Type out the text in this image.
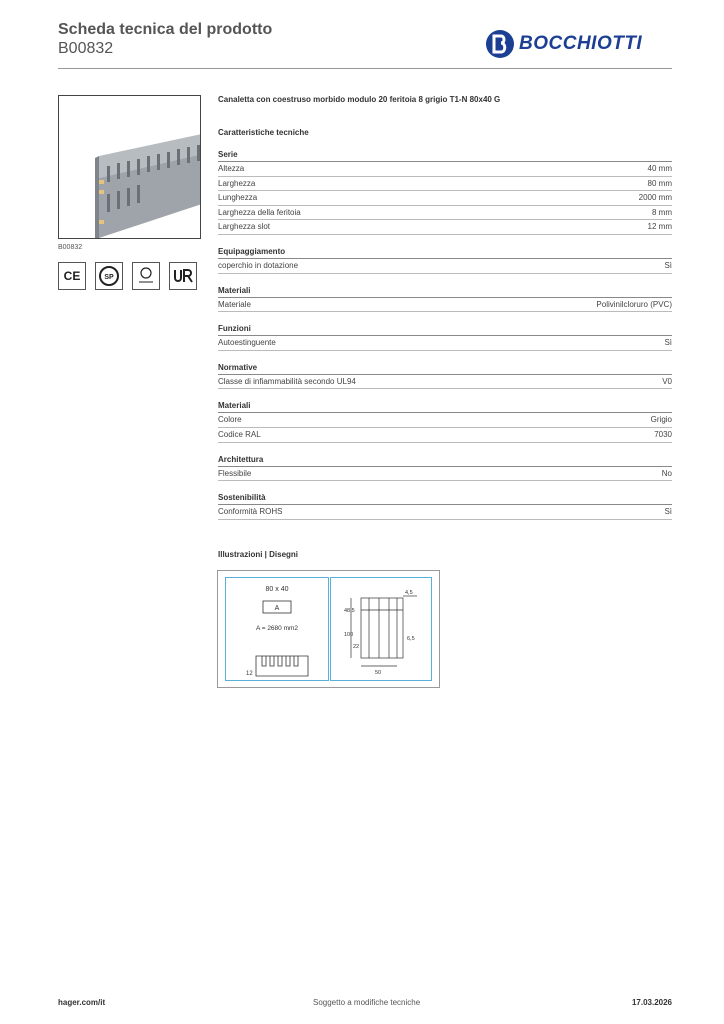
Scheda tecnica del prodotto
B00832	BOCCHIOTTI
B00832
CE	SP
Canaletta con coestruso morbido modulo 20 feritoia 8 grigio T1-N 80x40 G
Caratteristiche tecniche
Serie
Altezza	40 mm
Larghezza	80 mm
Lunghezza	2000 mm
Larghezza della feritoia	8 mm
Larghezza slot	12 mm
Equipaggiamento
coperchio in dotazione	Sì
Materiali
Materiale	Polivinilcloruro (PVC)
Funzioni
Autoestinguente	Sì
Normative
Classe di infiammabilità secondo UL94	V0
Materiali
Colore	Grigio
Codice RAL	7030
Architettura
Flessibile	No
Sostenibilità
Conformità ROHS	Sì
Illustrazioni | Disegni
80 x 40
A
A = 2680 mm2
12
4,5
48,5
100
6,5
22
50
hager.com/it	Soggetto a modifiche tecniche	17.03.2026
